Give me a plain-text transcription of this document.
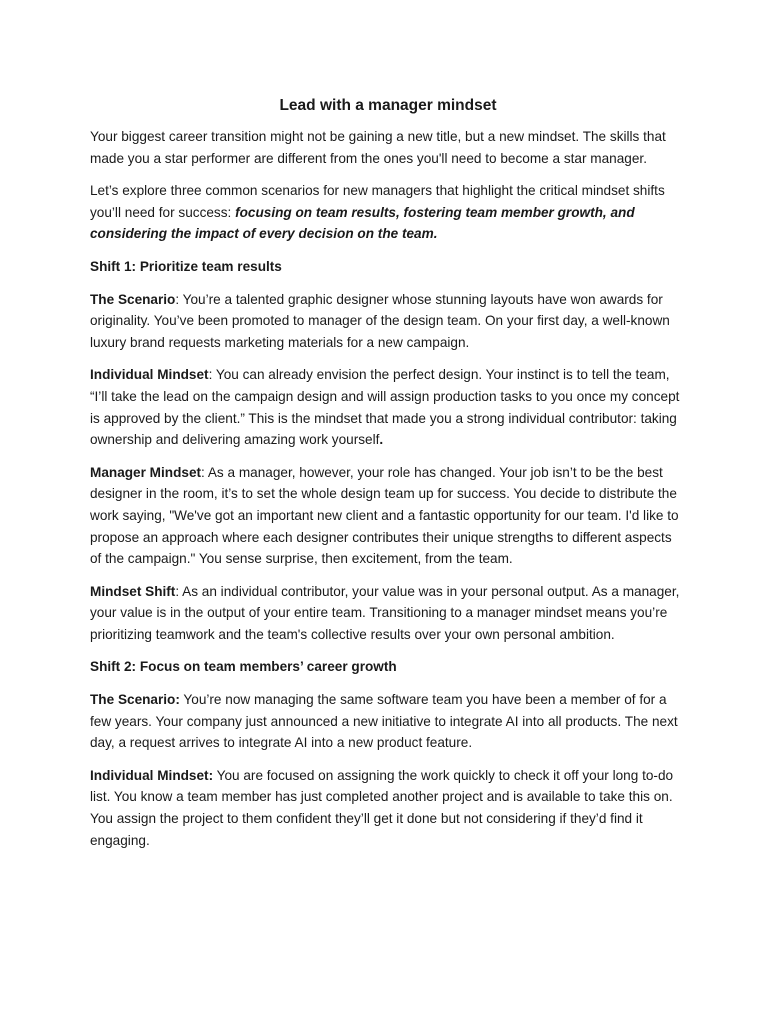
Lead with a manager mindset

Your biggest career transition might not be gaining a new title, but a new mindset. The skills that made you a star performer are different from the ones you'll need to become a star manager.

Let’s explore three common scenarios for new managers that highlight the critical mindset shifts you’ll need for success: focusing on team results, fostering team member growth, and considering the impact of every decision on the team.

Shift 1: Prioritize team results

The Scenario: You’re a talented graphic designer whose stunning layouts have won awards for originality. You’ve been promoted to manager of the design team. On your first day, a well-known luxury brand requests marketing materials for a new campaign.

Individual Mindset: You can already envision the perfect design. Your instinct is to tell the team, “I’ll take the lead on the campaign design and will assign production tasks to you once my concept is approved by the client.” This is the mindset that made you a strong individual contributor: taking ownership and delivering amazing work yourself.

Manager Mindset: As a manager, however, your role has changed. Your job isn’t to be the best designer in the room, it’s to set the whole design team up for success. You decide to distribute the work saying, "We've got an important new client and a fantastic opportunity for our team. I'd like to propose an approach where each designer contributes their unique strengths to different aspects of the campaign." You sense surprise, then excitement, from the team.

Mindset Shift: As an individual contributor, your value was in your personal output. As a manager, your value is in the output of your entire team. Transitioning to a manager mindset means you’re prioritizing teamwork and the team's collective results over your own personal ambition.

Shift 2: Focus on team members’ career growth

The Scenario: You’re now managing the same software team you have been a member of for a few years. Your company just announced a new initiative to integrate AI into all products. The next day, a request arrives to integrate AI into a new product feature.

Individual Mindset: You are focused on assigning the work quickly to check it off your long to-do list. You know a team member has just completed another project and is available to take this on. You assign the project to them confident they’ll get it done but not considering if they’d find it engaging.
